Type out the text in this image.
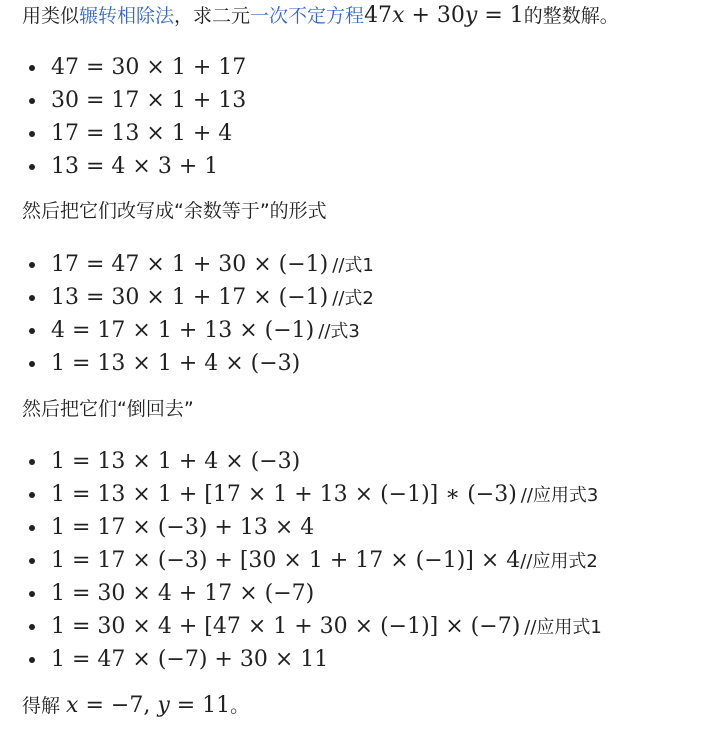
用类似辗转相除法，求二元一次不定方程47x + 30y = 1的整数解。
47 = 30 × 1 + 17
30 = 17 × 1 + 13
17 = 13 × 1 + 4
13 = 4 × 3 + 1
然后把它们改写成“余数等于”的形式
17 = 47 × 1 + 30 × (−1) //式1
13 = 30 × 1 + 17 × (−1) //式2
4 = 17 × 1 + 13 × (−1) //式3
1 = 13 × 1 + 4 × (−3)
然后把它们“倒回去”
1 = 13 × 1 + 4 × (−3)
1 = 13 × 1 + [17 × 1 + 13 × (−1)] ∗ (−3) //应用式3
1 = 17 × (−3) + 13 × 4
1 = 17 × (−3) + [30 × 1 + 17 × (−1)] × 4//应用式2
1 = 30 × 4 + 17 × (−7)
1 = 30 × 4 + [47 × 1 + 30 × (−1)] × (−7) //应用式1
1 = 47 × (−7) + 30 × 11
得解 x = −7, y = 11。
